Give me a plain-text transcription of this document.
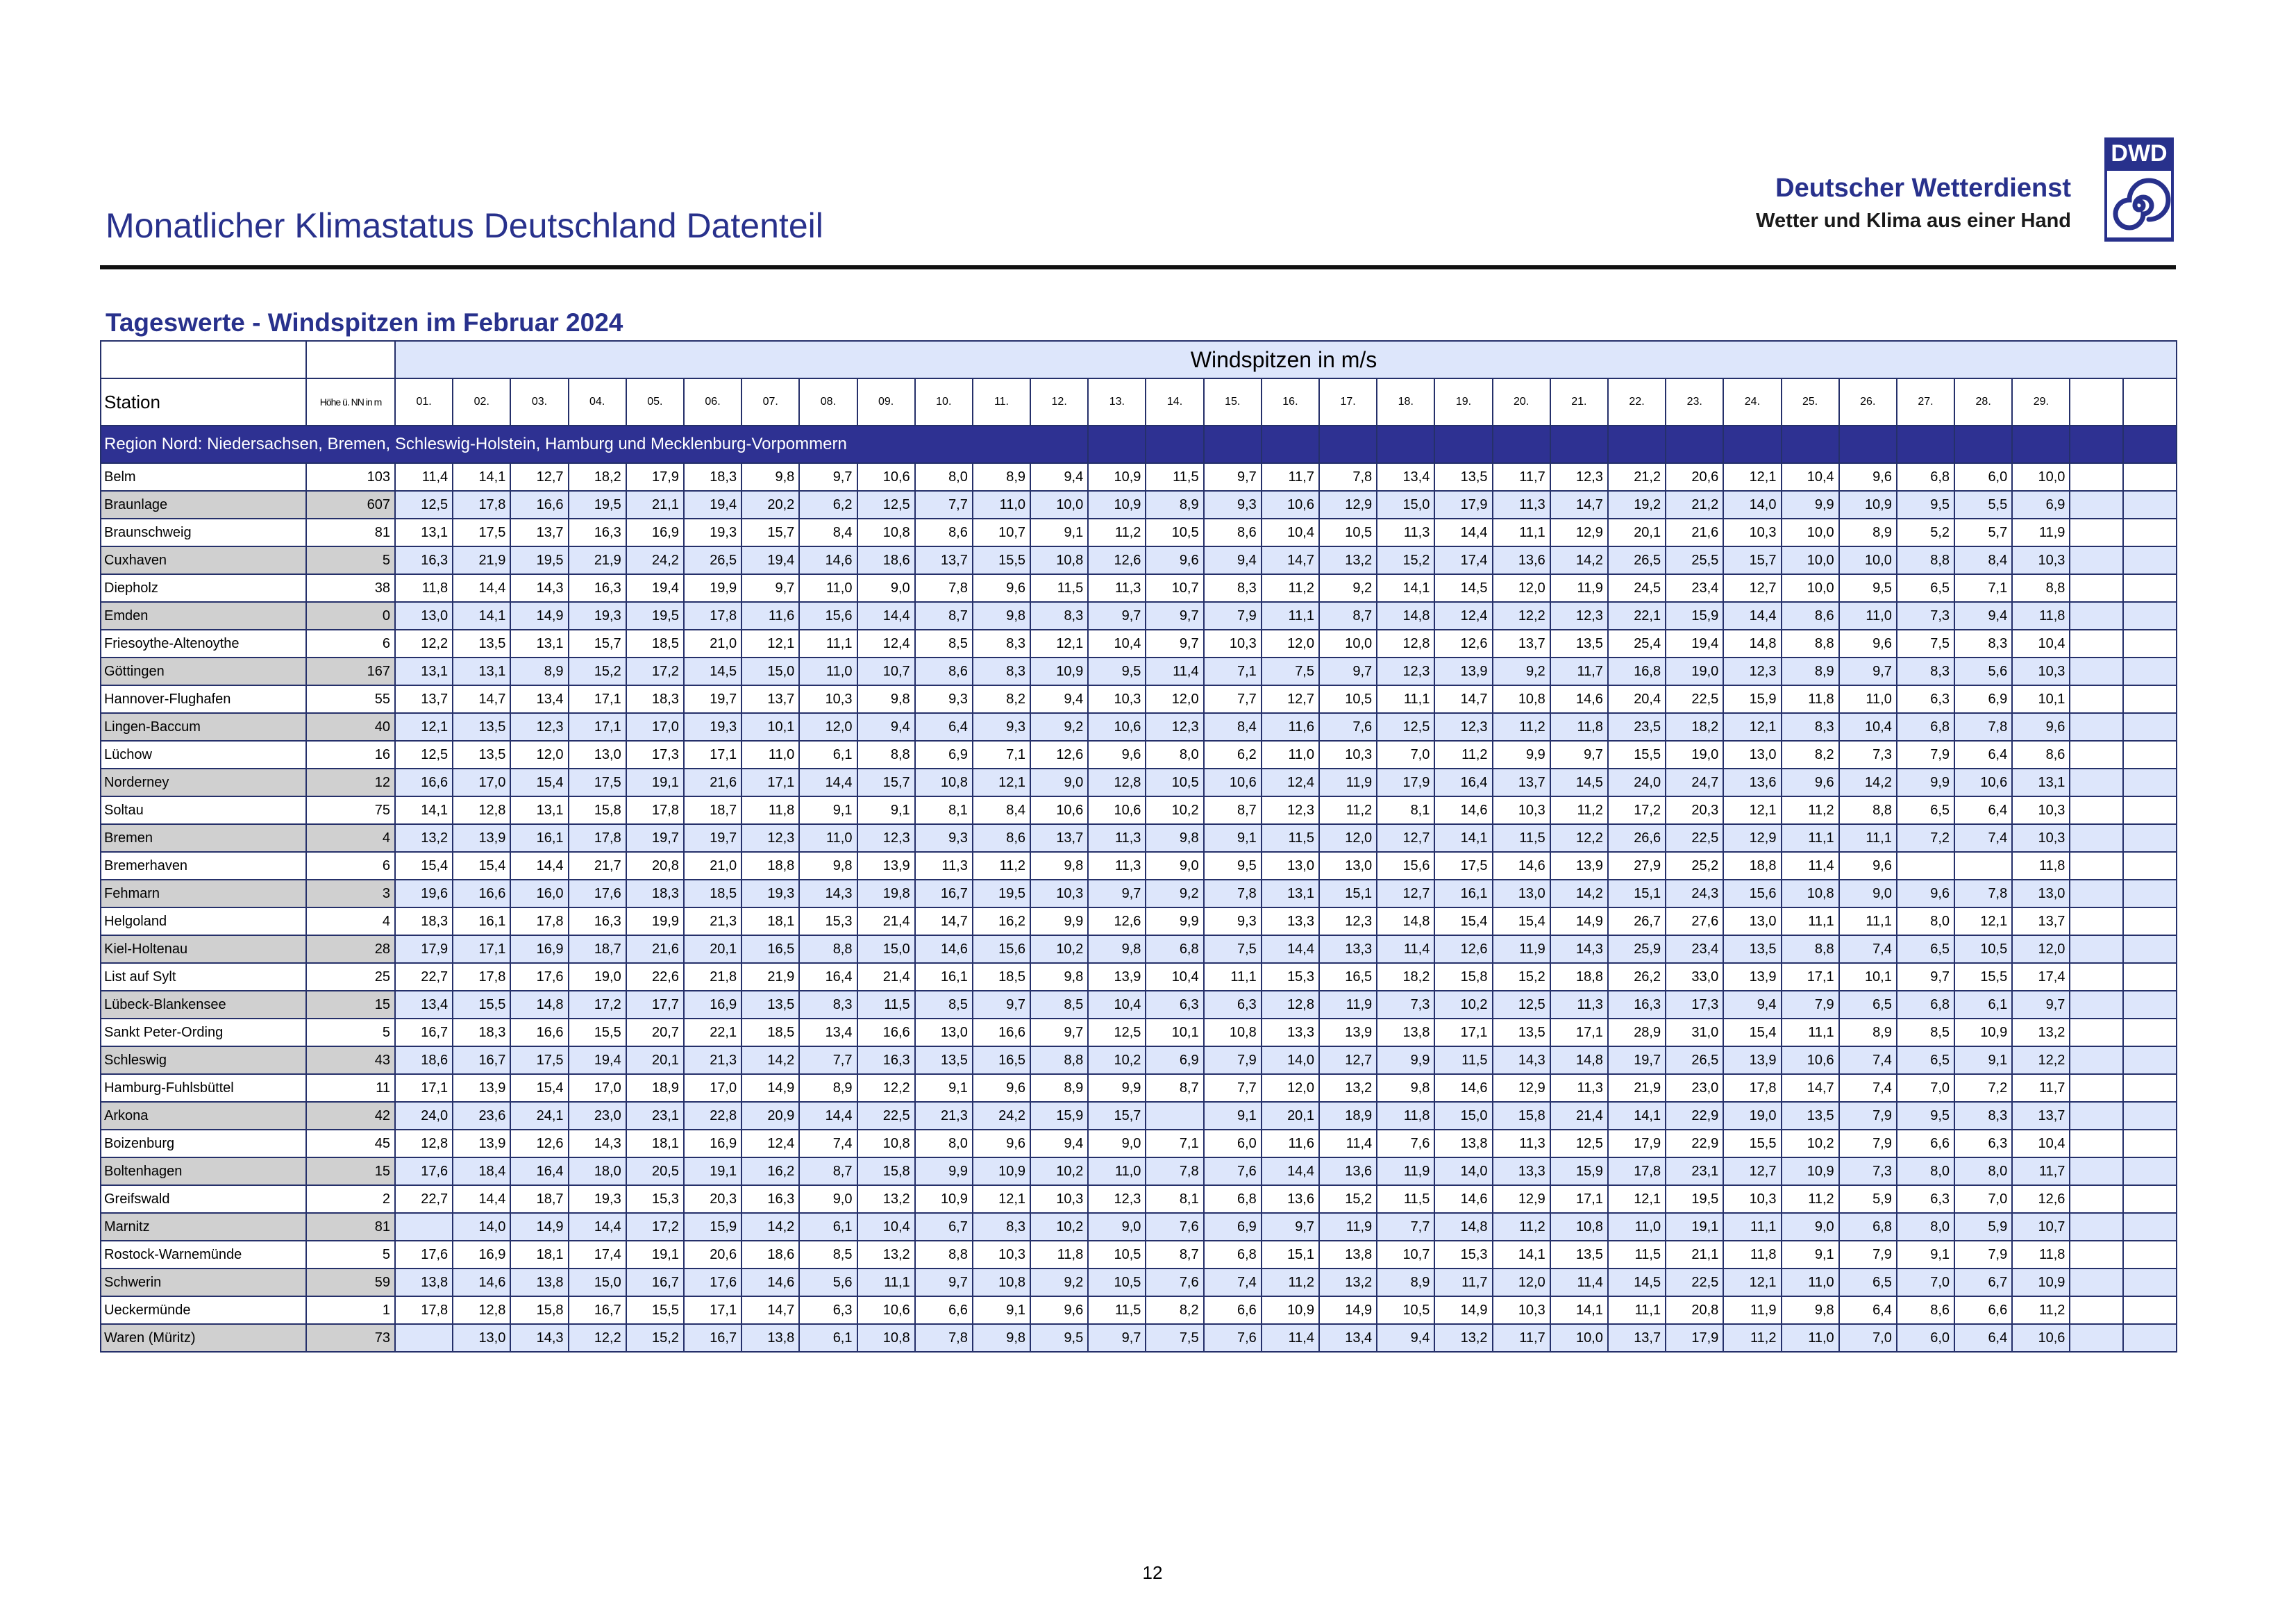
Monatlicher Klimastatus Deutschland Datenteil
Deutscher Wetterdienst
Wetter und Klima aus einer Hand
DWD
Tageswerte - Windspitzen im Februar 2024
		Windspitzen in m/s																														
Station	Höhe ü. NN in m	01.	02.	03.	04.	05.	06.	07.	08.	09.	10.	11.	12.	13.	14.	15.	16.	17.	18.	19.	20.	21.	22.	23.	24.	25.	26.	27.	28.	29.		
Region Nord: Niedersachsen, Bremen, Schleswig-Holstein, Hamburg und Mecklenburg-Vorpommern																																
Belm	103	11,4	14,1	12,7	18,2	17,9	18,3	9,8	9,7	10,6	8,0	8,9	9,4	10,9	11,5	9,7	11,7	7,8	13,4	13,5	11,7	12,3	21,2	20,6	12,1	10,4	9,6	6,8	6,0	10,0		
Braunlage	607	12,5	17,8	16,6	19,5	21,1	19,4	20,2	6,2	12,5	7,7	11,0	10,0	10,9	8,9	9,3	10,6	12,9	15,0	17,9	11,3	14,7	19,2	21,2	14,0	9,9	10,9	9,5	5,5	6,9		
Braunschweig	81	13,1	17,5	13,7	16,3	16,9	19,3	15,7	8,4	10,8	8,6	10,7	9,1	11,2	10,5	8,6	10,4	10,5	11,3	14,4	11,1	12,9	20,1	21,6	10,3	10,0	8,9	5,2	5,7	11,9		
Cuxhaven	5	16,3	21,9	19,5	21,9	24,2	26,5	19,4	14,6	18,6	13,7	15,5	10,8	12,6	9,6	9,4	14,7	13,2	15,2	17,4	13,6	14,2	26,5	25,5	15,7	10,0	10,0	8,8	8,4	10,3		
Diepholz	38	11,8	14,4	14,3	16,3	19,4	19,9	9,7	11,0	9,0	7,8	9,6	11,5	11,3	10,7	8,3	11,2	9,2	14,1	14,5	12,0	11,9	24,5	23,4	12,7	10,0	9,5	6,5	7,1	8,8		
Emden	0	13,0	14,1	14,9	19,3	19,5	17,8	11,6	15,6	14,4	8,7	9,8	8,3	9,7	9,7	7,9	11,1	8,7	14,8	12,4	12,2	12,3	22,1	15,9	14,4	8,6	11,0	7,3	9,4	11,8		
Friesoythe-Altenoythe	6	12,2	13,5	13,1	15,7	18,5	21,0	12,1	11,1	12,4	8,5	8,3	12,1	10,4	9,7	10,3	12,0	10,0	12,8	12,6	13,7	13,5	25,4	19,4	14,8	8,8	9,6	7,5	8,3	10,4		
Göttingen	167	13,1	13,1	8,9	15,2	17,2	14,5	15,0	11,0	10,7	8,6	8,3	10,9	9,5	11,4	7,1	7,5	9,7	12,3	13,9	9,2	11,7	16,8	19,0	12,3	8,9	9,7	8,3	5,6	10,3		
Hannover-Flughafen	55	13,7	14,7	13,4	17,1	18,3	19,7	13,7	10,3	9,8	9,3	8,2	9,4	10,3	12,0	7,7	12,7	10,5	11,1	14,7	10,8	14,6	20,4	22,5	15,9	11,8	11,0	6,3	6,9	10,1		
Lingen-Baccum	40	12,1	13,5	12,3	17,1	17,0	19,3	10,1	12,0	9,4	6,4	9,3	9,2	10,6	12,3	8,4	11,6	7,6	12,5	12,3	11,2	11,8	23,5	18,2	12,1	8,3	10,4	6,8	7,8	9,6		
Lüchow	16	12,5	13,5	12,0	13,0	17,3	17,1	11,0	6,1	8,8	6,9	7,1	12,6	9,6	8,0	6,2	11,0	10,3	7,0	11,2	9,9	9,7	15,5	19,0	13,0	8,2	7,3	7,9	6,4	8,6		
Norderney	12	16,6	17,0	15,4	17,5	19,1	21,6	17,1	14,4	15,7	10,8	12,1	9,0	12,8	10,5	10,6	12,4	11,9	17,9	16,4	13,7	14,5	24,0	24,7	13,6	9,6	14,2	9,9	10,6	13,1		
Soltau	75	14,1	12,8	13,1	15,8	17,8	18,7	11,8	9,1	9,1	8,1	8,4	10,6	10,6	10,2	8,7	12,3	11,2	8,1	14,6	10,3	11,2	17,2	20,3	12,1	11,2	8,8	6,5	6,4	10,3		
Bremen	4	13,2	13,9	16,1	17,8	19,7	19,7	12,3	11,0	12,3	9,3	8,6	13,7	11,3	9,8	9,1	11,5	12,0	12,7	14,1	11,5	12,2	26,6	22,5	12,9	11,1	11,1	7,2	7,4	10,3		
Bremerhaven	6	15,4	15,4	14,4	21,7	20,8	21,0	18,8	9,8	13,9	11,3	11,2	9,8	11,3	9,0	9,5	13,0	13,0	15,6	17,5	14,6	13,9	27,9	25,2	18,8	11,4	9,6			11,8		
Fehmarn	3	19,6	16,6	16,0	17,6	18,3	18,5	19,3	14,3	19,8	16,7	19,5	10,3	9,7	9,2	7,8	13,1	15,1	12,7	16,1	13,0	14,2	15,1	24,3	15,6	10,8	9,0	9,6	7,8	13,0		
Helgoland	4	18,3	16,1	17,8	16,3	19,9	21,3	18,1	15,3	21,4	14,7	16,2	9,9	12,6	9,9	9,3	13,3	12,3	14,8	15,4	15,4	14,9	26,7	27,6	13,0	11,1	11,1	8,0	12,1	13,7		
Kiel-Holtenau	28	17,9	17,1	16,9	18,7	21,6	20,1	16,5	8,8	15,0	14,6	15,6	10,2	9,8	6,8	7,5	14,4	13,3	11,4	12,6	11,9	14,3	25,9	23,4	13,5	8,8	7,4	6,5	10,5	12,0		
List auf Sylt	25	22,7	17,8	17,6	19,0	22,6	21,8	21,9	16,4	21,4	16,1	18,5	9,8	13,9	10,4	11,1	15,3	16,5	18,2	15,8	15,2	18,8	26,2	33,0	13,9	17,1	10,1	9,7	15,5	17,4		
Lübeck-Blankensee	15	13,4	15,5	14,8	17,2	17,7	16,9	13,5	8,3	11,5	8,5	9,7	8,5	10,4	6,3	6,3	12,8	11,9	7,3	10,2	12,5	11,3	16,3	17,3	9,4	7,9	6,5	6,8	6,1	9,7		
Sankt Peter-Ording	5	16,7	18,3	16,6	15,5	20,7	22,1	18,5	13,4	16,6	13,0	16,6	9,7	12,5	10,1	10,8	13,3	13,9	13,8	17,1	13,5	17,1	28,9	31,0	15,4	11,1	8,9	8,5	10,9	13,2		
Schleswig	43	18,6	16,7	17,5	19,4	20,1	21,3	14,2	7,7	16,3	13,5	16,5	8,8	10,2	6,9	7,9	14,0	12,7	9,9	11,5	14,3	14,8	19,7	26,5	13,9	10,6	7,4	6,5	9,1	12,2		
Hamburg-Fuhlsbüttel	11	17,1	13,9	15,4	17,0	18,9	17,0	14,9	8,9	12,2	9,1	9,6	8,9	9,9	8,7	7,7	12,0	13,2	9,8	14,6	12,9	11,3	21,9	23,0	17,8	14,7	7,4	7,0	7,2	11,7		
Arkona	42	24,0	23,6	24,1	23,0	23,1	22,8	20,9	14,4	22,5	21,3	24,2	15,9	15,7		9,1	20,1	18,9	11,8	15,0	15,8	21,4	14,1	22,9	19,0	13,5	7,9	9,5	8,3	13,7		
Boizenburg	45	12,8	13,9	12,6	14,3	18,1	16,9	12,4	7,4	10,8	8,0	9,6	9,4	9,0	7,1	6,0	11,6	11,4	7,6	13,8	11,3	12,5	17,9	22,9	15,5	10,2	7,9	6,6	6,3	10,4		
Boltenhagen	15	17,6	18,4	16,4	18,0	20,5	19,1	16,2	8,7	15,8	9,9	10,9	10,2	11,0	7,8	7,6	14,4	13,6	11,9	14,0	13,3	15,9	17,8	23,1	12,7	10,9	7,3	8,0	8,0	11,7		
Greifswald	2	22,7	14,4	18,7	19,3	15,3	20,3	16,3	9,0	13,2	10,9	12,1	10,3	12,3	8,1	6,8	13,6	15,2	11,5	14,6	12,9	17,1	12,1	19,5	10,3	11,2	5,9	6,3	7,0	12,6		
Marnitz	81		14,0	14,9	14,4	17,2	15,9	14,2	6,1	10,4	6,7	8,3	10,2	9,0	7,6	6,9	9,7	11,9	7,7	14,8	11,2	10,8	11,0	19,1	11,1	9,0	6,8	8,0	5,9	10,7		
Rostock-Warnemünde	5	17,6	16,9	18,1	17,4	19,1	20,6	18,6	8,5	13,2	8,8	10,3	11,8	10,5	8,7	6,8	15,1	13,8	10,7	15,3	14,1	13,5	11,5	21,1	11,8	9,1	7,9	9,1	7,9	11,8		
Schwerin	59	13,8	14,6	13,8	15,0	16,7	17,6	14,6	5,6	11,1	9,7	10,8	9,2	10,5	7,6	7,4	11,2	13,2	8,9	11,7	12,0	11,4	14,5	22,5	12,1	11,0	6,5	7,0	6,7	10,9		
Ueckermünde	1	17,8	12,8	15,8	16,7	15,5	17,1	14,7	6,3	10,6	6,6	9,1	9,6	11,5	8,2	6,6	10,9	14,9	10,5	14,9	10,3	14,1	11,1	20,8	11,9	9,8	6,4	8,6	6,6	11,2		
Waren (Müritz)	73		13,0	14,3	12,2	15,2	16,7	13,8	6,1	10,8	7,8	9,8	9,5	9,7	7,5	7,6	11,4	13,4	9,4	13,2	11,7	10,0	13,7	17,9	11,2	11,0	7,0	6,0	6,4	10,6		
12
